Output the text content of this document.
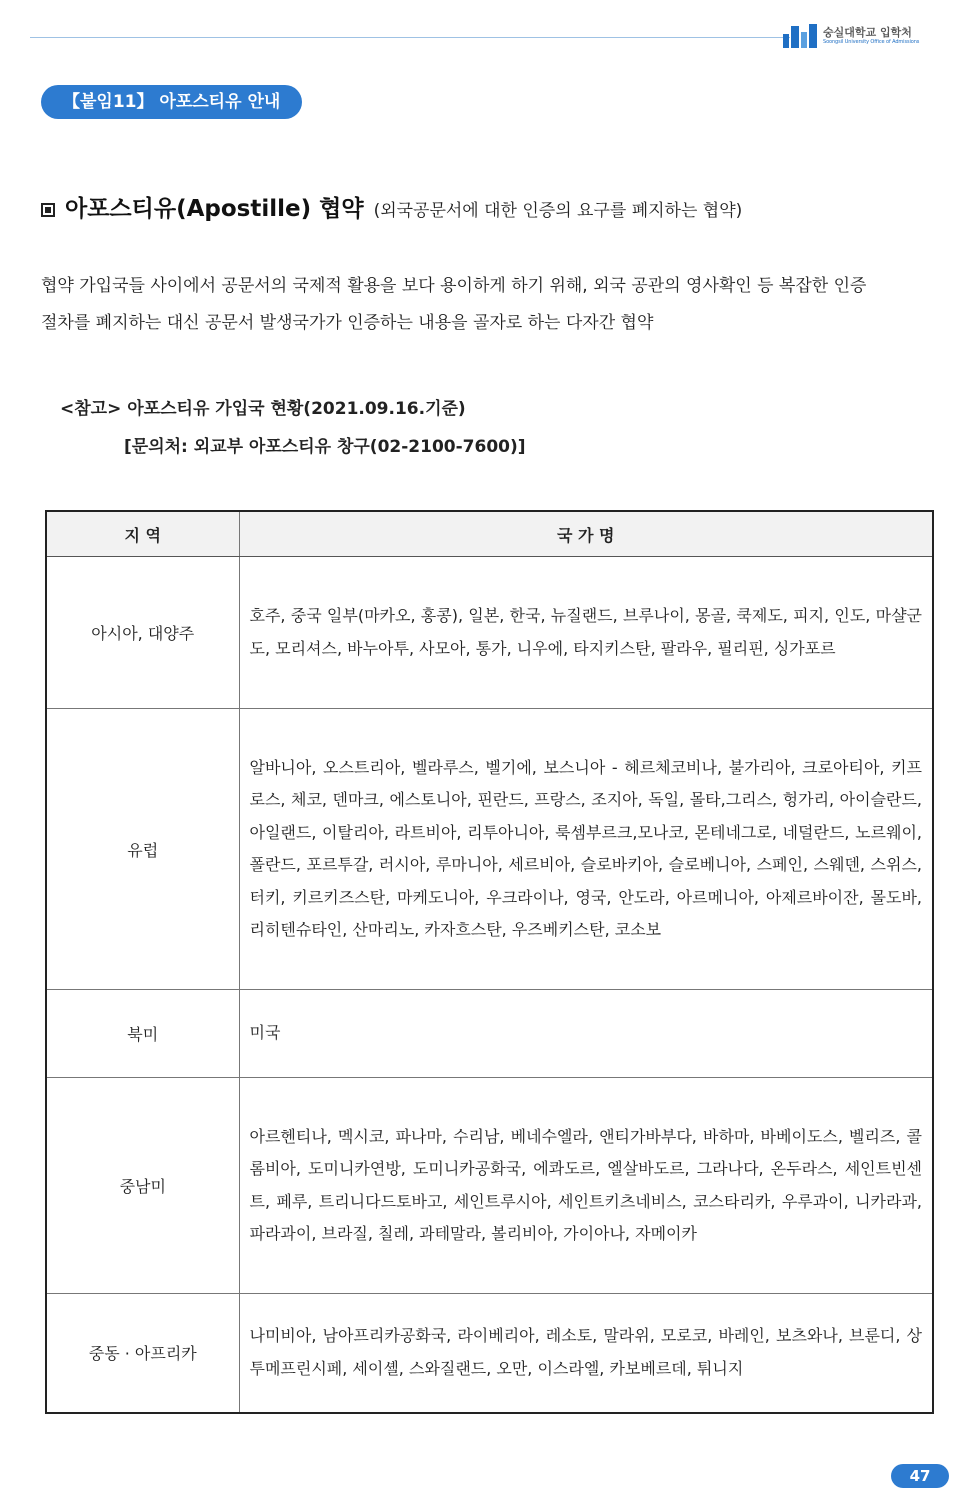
숭실대학교 입학처
Soongsil University Office of Admissions
【붙임11】 아포스티유 안내
아포스티유(Apostille) 협약 (외국공문서에 대한 인증의 요구를 폐지하는 협약)
협약 가입국들 사이에서 공문서의 국제적 활용을 보다 용이하게 하기 위해, 외국 공관의 영사확인 등 복잡한 인증
절차를 폐지하는 대신 공문서 발생국가가 인증하는 내용을 골자로 하는 다자간 협약
<참고> 아포스티유 가입국 현황(2021.09.16.기준)
[문의처: 외교부 아포스티유 창구(02-2100-7600)]
지 역	국 가 명
아시아, 대양주	호주, 중국 일부(마카오, 홍콩), 일본, 한국, 뉴질랜드, 브루나이, 몽골, 쿡제도, 피지, 인도, 마샬군도, 모리셔스, 바누아투, 사모아, 통가, 니우에, 타지키스탄, 팔라우, 필리핀, 싱가포르
유럽	알바니아, 오스트리아, 벨라루스, 벨기에, 보스니아 - 헤르체코비나, 불가리아, 크로아티아, 키프로스, 체코, 덴마크, 에스토니아, 핀란드, 프랑스, 조지아, 독일, 몰타,그리스, 헝가리, 아이슬란드, 아일랜드, 이탈리아, 라트비아, 리투아니아, 룩셈부르크,모나코, 몬테네그로, 네덜란드, 노르웨이, 폴란드, 포르투갈, 러시아, 루마니아, 세르비아, 슬로바키아, 슬로베니아, 스페인, 스웨덴, 스위스, 터키, 키르키즈스탄, 마케도니아, 우크라이나, 영국, 안도라, 아르메니아, 아제르바이잔, 몰도바, 리히텐슈타인, 산마리노, 카자흐스탄, 우즈베키스탄, 코소보
북미	미국
중남미	아르헨티나, 멕시코, 파나마, 수리남, 베네수엘라, 앤티가바부다, 바하마, 바베이도스, 벨리즈, 콜롬비아, 도미니카연방, 도미니카공화국, 에콰도르, 엘살바도르, 그라나다, 온두라스, 세인트빈센트, 페루, 트리니다드토바고, 세인트루시아, 세인트키츠네비스, 코스타리카, 우루과이, 니카라과, 파라과이, 브라질, 칠레, 과테말라, 볼리비아, 가이아나, 자메이카
중동 · 아프리카	나미비아, 남아프리카공화국, 라이베리아, 레소토, 말라위, 모로코, 바레인, 보츠와나, 브룬디, 상투메프린시페, 세이셸, 스와질랜드, 오만, 이스라엘, 카보베르데, 튀니지
47
